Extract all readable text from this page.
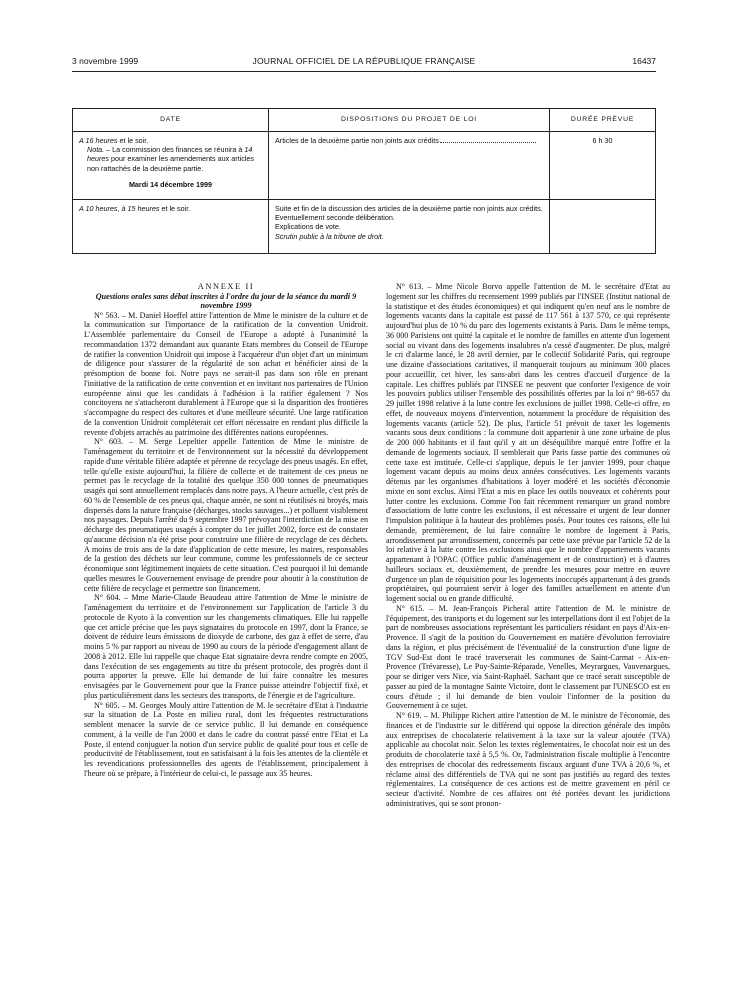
3 novembre 1999	JOURNAL OFFICIEL DE LA RÉPUBLIQUE FRANÇAISE	16437
DATE	DISPOSITIONS DU PROJET DE LOI	DURÉE PRÉVUE

A 16 heures et le soir.
Nota. – La commission des finances se réunira à 14 heures pour examiner les amendements aux articles non rattachés de la deuxième partie.
Mardi 14 décembre 1999	Articles de la deuxième partie non joints aux crédits	6 h 30
A 10 heures, à 15 heures et le soir.	Suite et fin de la discussion des articles de la deuxième partie non joints aux crédits.
Eventuellement seconde délibération.
Explications de vote.
Scrutin public à la tribune de droit.	

ANNEXE II

Questions orales sans débat inscrites à l'ordre du jour de la séance du mardi 9 novembre 1999

N° 563. – M. Daniel Hoeffel attire l'attention de Mme le ministre de la culture et de la communication sur l'importance de la ratification de la convention Unidroit. L'Assemblée parlementaire du Conseil de l'Europe a adopté à l'unanimité la recommandation 1372 demandant aux quarante Etats membres du Conseil de l'Europe de ratifier la convention Unidroit qui impose à l'acquéreur d'un objet d'art un minimum de diligence pour s'assurer de la régularité de son achat et bénéficier ainsi de la présomption de bonne foi. Notre pays ne serait-il pas dans son rôle en prenant l'initiative de la ratification de cette convention et en invitant nos partenaires de l'Union européenne ainsi que les candidats à l'adhésion à la ratifier également ? Nos concitoyens ne s'attacheront durablement à l'Europe que si la disparition des frontières s'accompagne du respect des cultures et d'une meilleure sécurité. Une large ratification de la convention Unidroit compléterait cet effort nécessaire en rendant plus difficile la revente d'objets arrachés au patrimoine des différentes nations européennes.

N° 603. – M. Serge Lepeltier appelle l'attention de Mme le ministre de l'aménagement du territoire et de l'environnement sur la nécessité du développement rapide d'une véritable filière adaptée et pérenne de recyclage des pneus usagés. En effet, telle qu'elle existe aujourd'hui, la filière de collecte et de traitement de ces pneus ne permet pas le recyclage de la totalité des quelque 350 000 tonnes de pneumatiques usagés qui sont annuellement remplacés dans notre pays. A l'heure actuelle, c'est près de 60 % de l'ensemble de ces pneus qui, chaque année, ne sont ni réutilisés ni broyés, mais dispersés dans la nature française (décharges, stocks sauvages...) et polluent visiblement nos paysages. Depuis l'arrêté du 9 septembre 1997 prévoyant l'interdiction de la mise en décharge des pneumatiques usagés à compter du 1er juillet 2002, force est de constater qu'aucune décision n'a été prise pour construire une filière de recyclage de ces déchets. A moins de trois ans de la date d'application de cette mesure, les maires, responsables de la gestion des déchets sur leur commune, comme les professionnels de ce secteur économique sont légitimement inquiets de cette situation. C'est pourquoi il lui demande quelles mesures le Gouvernement envisage de prendre pour aboutir à la constitution de cette filière de recyclage et permettre son financement.

N° 604. – Mme Marie-Claude Beaudeau attire l'attention de Mme le ministre de l'aménagement du territoire et de l'environnement sur l'application de l'article 3 du protocole de Kyoto à la convention sur les changements climatiques. Elle lui rappelle que cet article précise que les pays signataires du protocole en 1997, dont la France, se doivent de réduire leurs émissions de dioxyde de carbone, des gaz à effet de serre, d'au moins 5 % par rapport au niveau de 1990 au cours de la période d'engagement allant de 2008 à 2012. Elle lui rappelle que chaque Etat signataire devra rendre compte en 2005, dans l'exécution de ses engagements au titre du présent protocole, des progrès dont il pourra apporter la preuve. Elle lui demande de lui faire connaître les mesures envisagées par le Gouvernement pour que la France puisse atteindre l'objectif fixé, et plus particulièrement dans les secteurs des transports, de l'énergie et de l'agriculture.

N° 605. – M. Georges Mouly attire l'attention de M. le secrétaire d'Etat à l'industrie sur la situation de La Poste en milieu rural, dont les fréquentes restructurations semblent menacer la survie de ce service public. Il lui demande en conséquence comment, à la veille de l'an 2000 et dans le cadre du contrat passé entre l'Etat et La Poste, il entend conjuguer la notion d'un service public de qualité pour tous et celle de productivité de l'établissement, tout en satisfaisant à la fois les attentes de la clientèle et les revendications professionnelles des agents de l'établissement, principalement à l'heure où se prépare, à l'intérieur de celui-ci, le passage aux 35 heures.

N° 613. – Mme Nicole Borvo appelle l'attention de M. le secrétaire d'Etat au logement sur les chiffres du recensement 1999 publiés par l'INSEE (Institut national de la statistique et des études économiques) et qui indiquent qu'en neuf ans le nombre de logements vacants dans la capitale est passé de 117 561 à 137 570, ce qui représente aujourd'hui plus de 10 % du parc des logements existants à Paris. Dans le même temps, 36 000 Parisiens ont quitté la capitale et le nombre de familles en attente d'un logement social ou vivant dans des logements insalubres n'a cessé d'augmenter. De plus, malgré le cri d'alarme lancé, le 28 avril dernier, par le collectif Solidarité Paris, qui regroupe une dizaine d'associations caritatives, il manquerait toujours au minimum 300 places pour accueillir, cet hiver, les sans-abri dans les centres d'accueil d'urgence de la capitale. Les chiffres publiés par l'INSEE ne peuvent que conforter l'exigence de voir les pouvoirs publics utiliser l'ensemble des possibilités offertes par la loi n° 98-657 du 29 juillet 1998 relative à la lutte contre les exclusions de juillet 1998. Celle-ci offre, en effet, de nouveaux moyens d'intervention, notamment la procédure de réquisition des logements vacants (article 52). De plus, l'article 51 prévoit de taxer les logements vacants sous deux conditions : la commune doit appartenir à une zone urbaine de plus de 200 000 habitants et il faut qu'il y ait un déséquilibre marqué entre l'offre et la demande de logements sociaux. Il semblerait que Paris fasse partie des communes où cette taxe est instituée. Celle-ci s'applique, depuis le 1er janvier 1999, pour chaque logement vacant depuis au moins deux années consécutives. Les logements vacants détenus par les organismes d'habitations à loyer modéré et les sociétés d'économie mixte en sont exclus. Ainsi l'Etat a mis en place les outils nouveaux et cohérents pour lutter contre les exclusions. Comme l'on fait récemment remarquer un grand nombre d'associations de lutte contre les exclusions, il est nécessaire et urgent de leur donner l'impulsion politique à la hauteur des problèmes posés. Pour toutes ces raisons, elle lui demande, premièrement, de lui faire connaître le nombre de logement à Paris, arrondissement par arrondissement, concernés par cette taxe prévue par l'article 52 de la loi relative à la lutte contre les exclusions ainsi que le nombre d'appartements vacants appartenant à l'OPAC (Office public d'aménagement et de construction) et à d'autres bailleurs sociaux et, deuxièmement, de prendre les mesures pour mettre en œuvre d'urgence un plan de réquisition pour les logements inoccupés appartenant à des grands propriétaires, qui pourraient servir à loger des familles actuellement en attente d'un logement social ou en grande difficulté.

N° 615. – M. Jean-François Picheral attire l'attention de M. le ministre de l'équipement, des transports et du logement sur les interpellations dont il est l'objet de la part de nombreuses associations représentant les particuliers résidant en pays d'Aix-en-Provence. Il s'agit de la position du Gouvernement en matière d'évolution ferroviaire dans la région, et plus précisément de l'éventualité de la construction d'une ligne de TGV Sud-Est dont le tracé traverserait les communes de Saint-Carmat - Aix-en-Provence (Trévaresse), Le Puy-Sainte-Réparade, Venelles, Meyrargues, Vauvenargues, pour se diriger vers Nice, via Saint-Raphaël. Sachant que ce tracé serait susceptible de passer au pied de la montagne Sainte Victoire, dont le classement par l'UNESCO est en cours d'étude ; il lui demande de bien vouloir l'informer de la position du Gouvernement à ce sujet.

N° 619. – M. Philippe Richert attire l'attention de M. le ministre de l'économie, des finances et de l'industrie sur le différend qui oppose la direction générale des impôts aux entreprises de chocolaterie relativement à la taxe sur la valeur ajoutée (TVA) applicable au chocolat noir. Selon les textes réglementaires, le chocolat noir est un des produits de chocolaterie taxé à 5,5 %. Or, l'administration fiscale multiplie à l'encontre des entreprises de chocolat des redressements fiscaux arguant d'une TVA à 20,6 %, et réclame ainsi des différentiels de TVA qui ne sont pas justifiés au regard des textes réglementaires. La conséquence de ces actions est de mettre gravement en péril ce secteur d'activité. Nombre de ces affaires ont été portées devant les juridictions administratives, qui se sont pronon-
